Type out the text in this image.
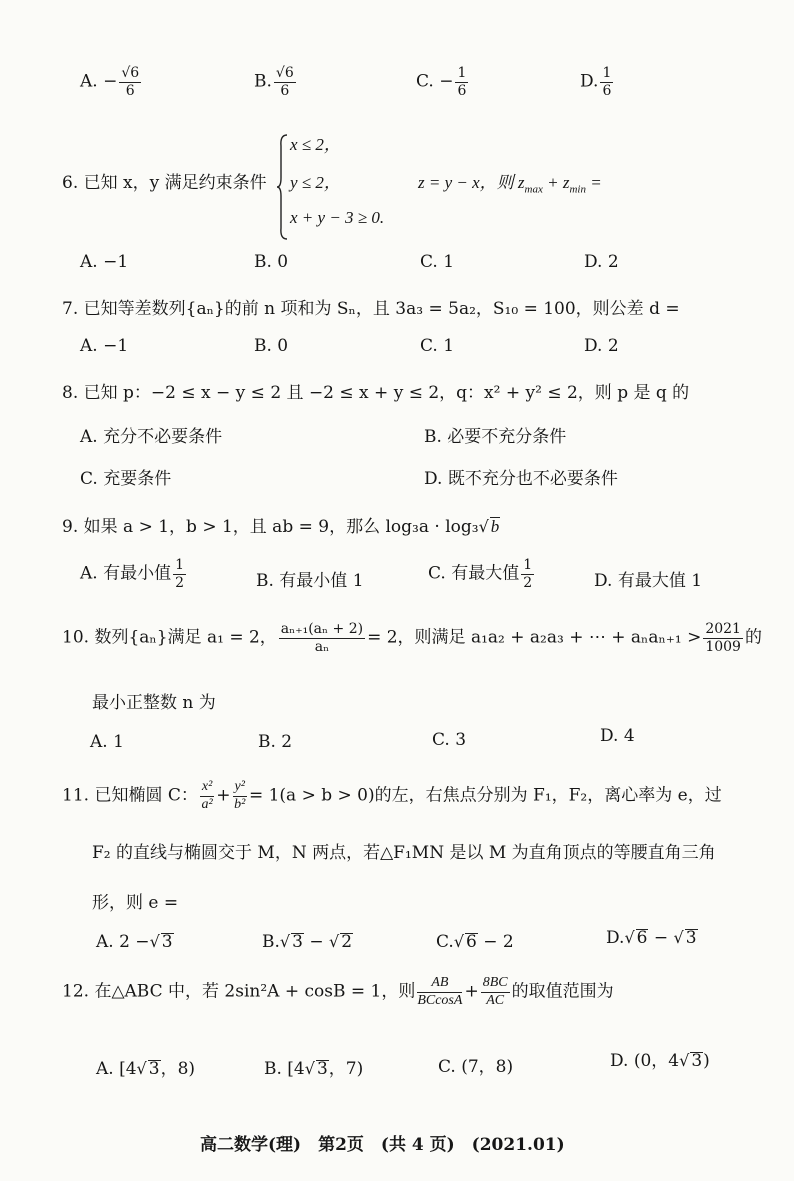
A. − $\frac{√6}{6}$	B. $\frac{√6}{6}$	C. − $\frac{1}{6}$	D. $\frac{1}{6}$
6. 已知 x，y 满足约束条件
x ≤ 2，
y ≤ 2，
x + y − 3 ≥ 0.
z = y − x，则 $z_{max} + z_{min}$ =
A. −1	B. 0	C. 1	D. 2
7. 已知等差数列{aₙ}的前 n 项和为 Sₙ，且 3a₃ = 5a₂，S₁₀ = 100，则公差 d =
A. −1	B. 0	C. 1	D. 2
8. 已知 p：−2 ≤ x − y ≤ 2 且 −2 ≤ x + y ≤ 2，q：x² + y² ≤ 2，则 p 是 q 的
A. 充分不必要条件	B. 必要不充分条件
C. 充要条件	D. 既不充分也不必要条件
9. 如果 a > 1，b > 1，且 ab = 9，那么 log₃a · log₃√ b
A. 有最小值 $\frac{1}{2}$	B. 有最小值 1	C. 有最大值 $\frac{1}{2}$	D. 有最大值 1
10. 数列{aₙ}满足 a₁ = 2， $\frac{\text{aₙ₊₁(aₙ + 2)}}{\text{aₙ}} = 2$，则满足 a₁a₂ + a₂a₃ + ⋯ + $a_na_{n+1} > \frac{2021}{1009}$ 的
最小正整数 n 为
A. 1	B. 2	C. 3	D. 4
11. 已知椭圆 C： $\frac{\text{x²}}{\text{a²}} + \frac{\text{y²}}{\text{b²}} = 1(a > b > 0)$的左，右焦点分别为 F₁，F₂，离心率为 e，过
F₂ 的直线与椭圆交于 M，N 两点，若△F₁MN 是以 M 为直角顶点的等腰直角三角
形，则 e =
A. 2 −√ 3	B.√ 3 − √ 2	C.√ 6 − 2	D.√ 6 − √ 3
12. 在△ABC 中，若 2sin²A + cosB = 1，则 $\frac{AB}{BCcosA} + \frac{8BC}{AC}$ 的取值范围为
A. [4√ 3，8)	B. [4√ 3，7)	C. (7，8)	D. (0，4√ 3)
高二数学(理)　第2页　(共 4 页)　(2021.01)
